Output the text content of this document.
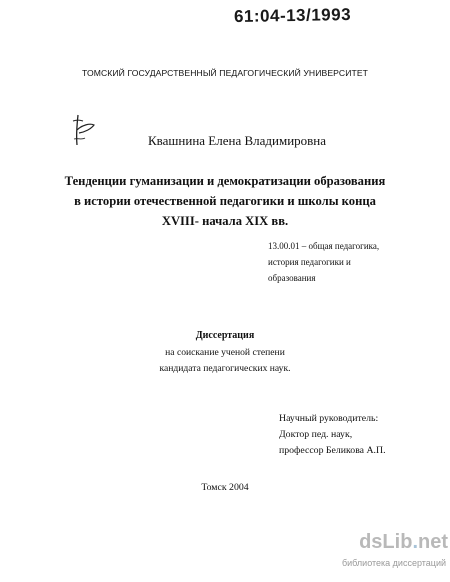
61:04-13/1993
ТОМСКИЙ ГОСУДАРСТВЕННЫЙ ПЕДАГОГИЧЕСКИЙ УНИВЕРСИТЕТ
Квашнина Елена Владимировна
Тенденции гуманизации и демократизации образования
в истории отечественной педагогики и школы конца
XVIII- начала XIX вв.
13.00.01 – общая педагогика,
история педагогики и
образования
Диссертация
на соискание ученой степени
кандидата педагогических наук.
Научный руководитель:
Доктор пед. наук,
профессор Беликова А.П.
Томск 2004
dsLib.net
библиотека диссертаций
